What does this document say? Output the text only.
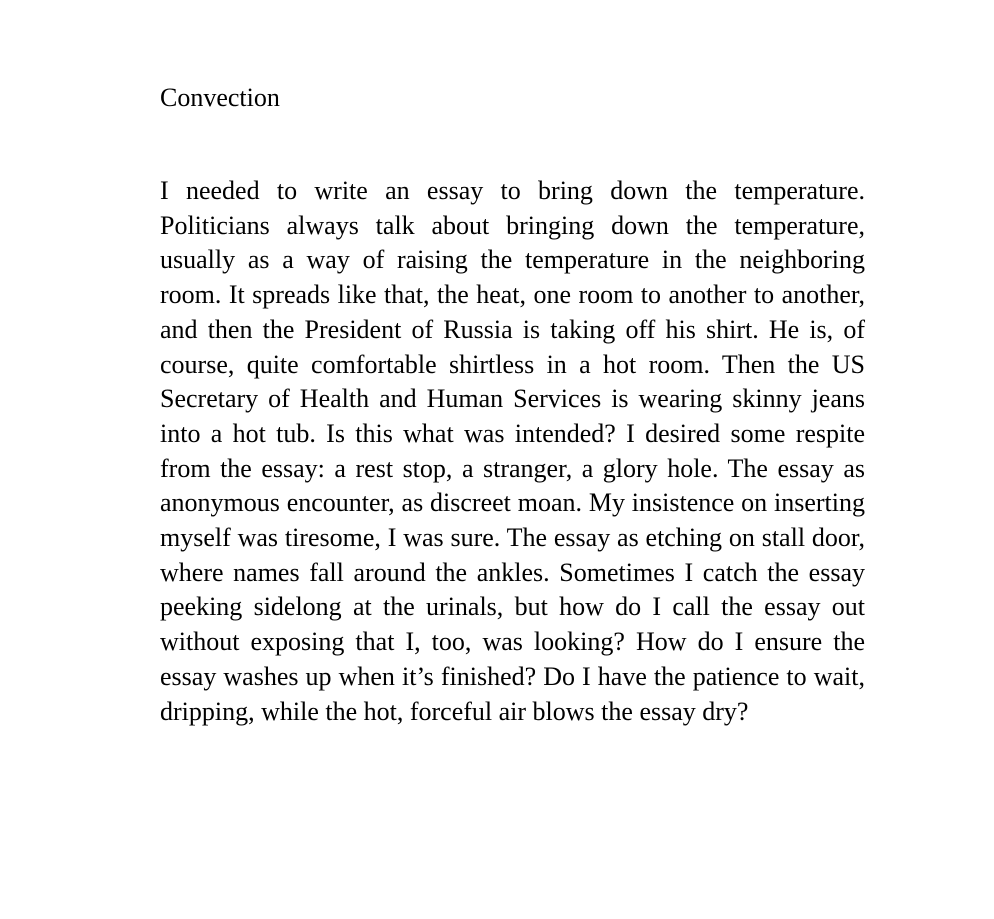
Convection

I needed to write an essay to bring down the temperature. Politicians always talk about bringing down the temperature, usually as a way of raising the temperature in the neighboring room. It spreads like that, the heat, one room to another to another, and then the President of Russia is taking off his shirt. He is, of course, quite comfortable shirtless in a hot room. Then the US Secretary of Health and Human Services is wearing skinny jeans into a hot tub. Is this what was intended? I desired some respite from the essay: a rest stop, a stranger, a glory hole. The essay as anonymous encounter, as discreet moan. My insistence on inserting myself was tiresome, I was sure. The essay as etching on stall door, where names fall around the ankles. Sometimes I catch the essay peeking sidelong at the urinals, but how do I call the essay out without exposing that I, too, was looking? How do I ensure the essay washes up when it’s finished? Do I have the patience to wait, dripping, while the hot, forceful air blows the essay dry?
